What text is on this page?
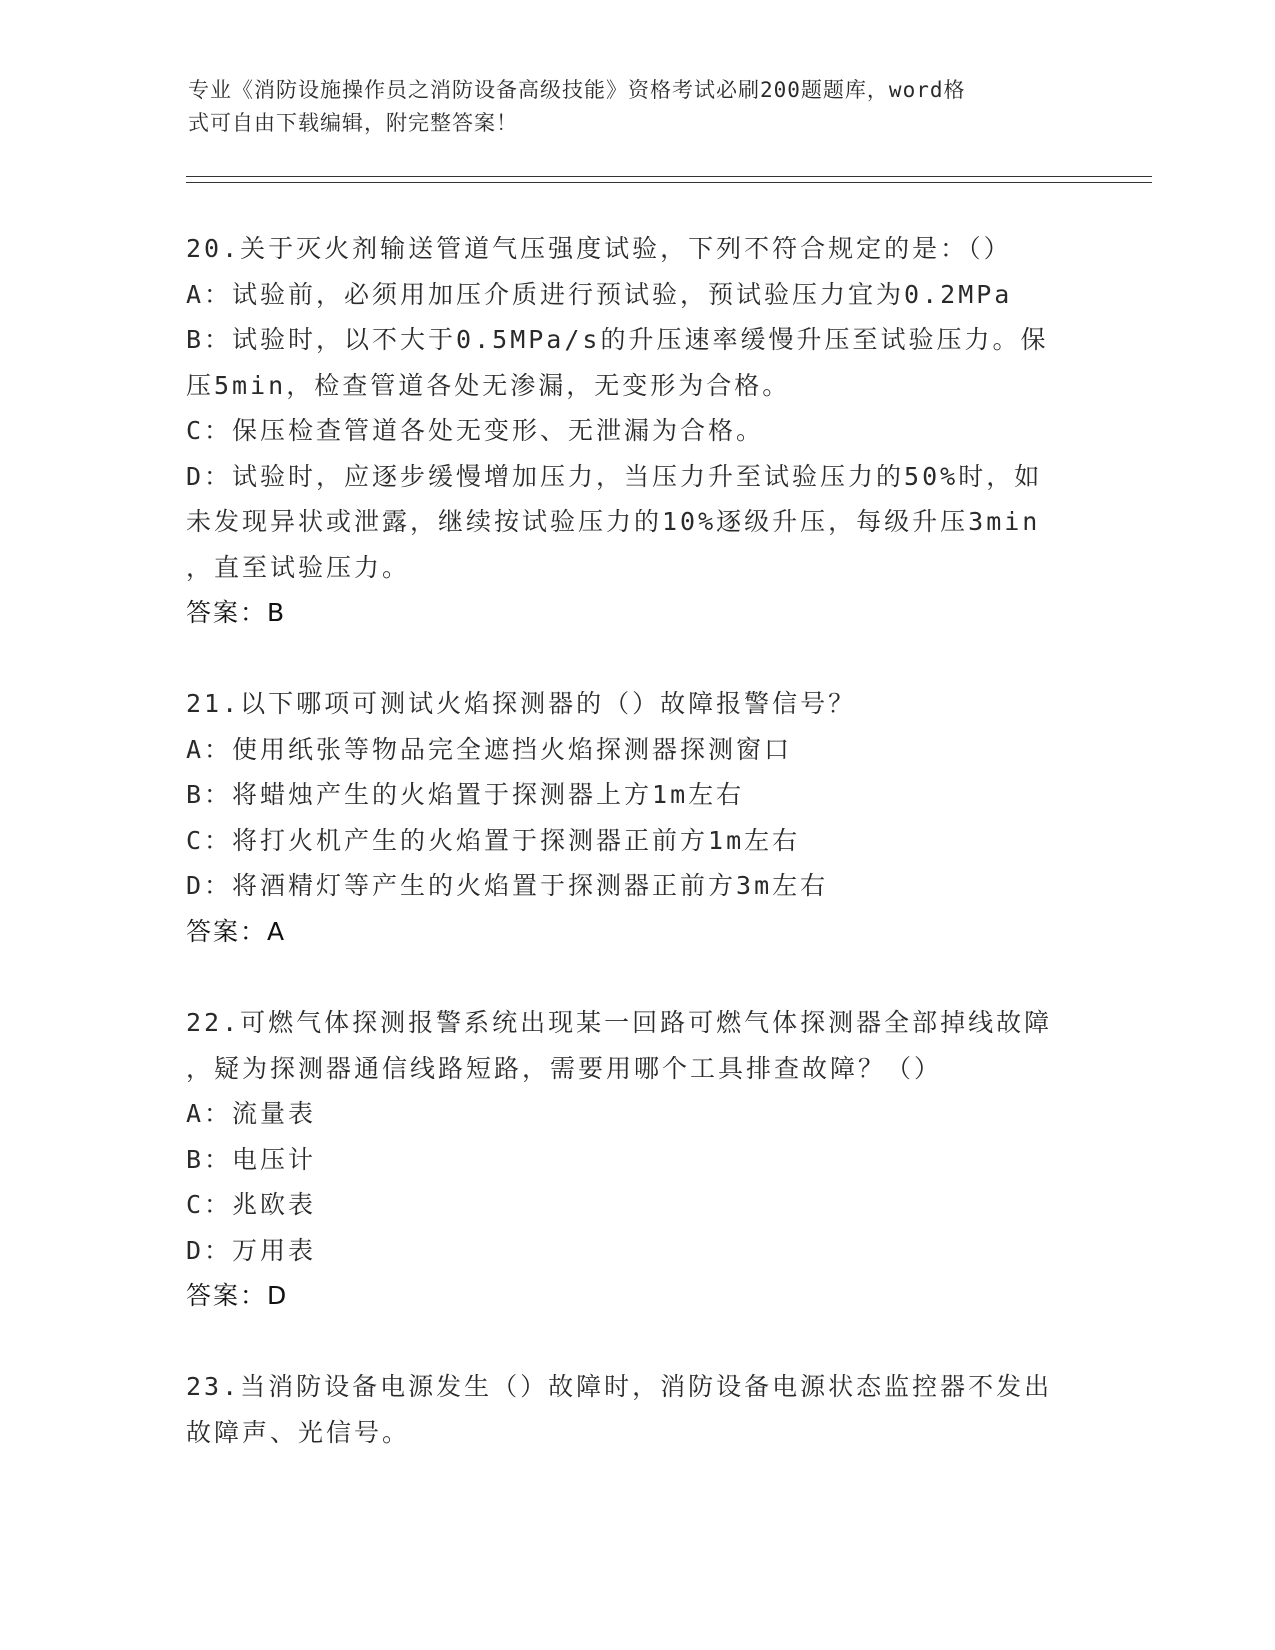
专业《消防设施操作员之消防设备高级技能》资格考试必刷200题题库，word格
式可自由下载编辑，附完整答案！
20.关于灭火剂输送管道气压强度试验，下列不符合规定的是：（）
A：试验前，必须用加压介质进行预试验，预试验压力宜为0.2MPa
B：试验时，以不大于0.5MPa/s的升压速率缓慢升压至试验压力。保
压5min，检查管道各处无渗漏，无变形为合格。
C：保压检查管道各处无变形、无泄漏为合格。
D：试验时，应逐步缓慢增加压力，当压力升至试验压力的50%时，如
未发现异状或泄露，继续按试验压力的10%逐级升压，每级升压3min
，直至试验压力。
答案：B
21.以下哪项可测试火焰探测器的（）故障报警信号？
A：使用纸张等物品完全遮挡火焰探测器探测窗口
B：将蜡烛产生的火焰置于探测器上方1m左右
C：将打火机产生的火焰置于探测器正前方1m左右
D：将酒精灯等产生的火焰置于探测器正前方3m左右
答案：A
22.可燃气体探测报警系统出现某一回路可燃气体探测器全部掉线故障
，疑为探测器通信线路短路，需要用哪个工具排查故障？（）
A：流量表
B：电压计
C：兆欧表
D：万用表
答案：D
23.当消防设备电源发生（）故障时，消防设备电源状态监控器不发出
故障声、光信号。
